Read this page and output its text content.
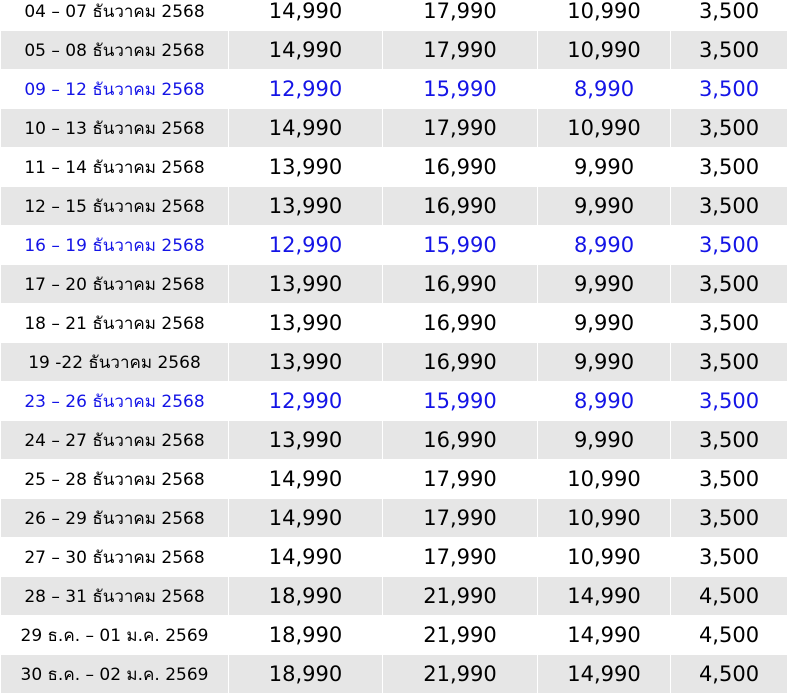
04 – 07 ธันวาคม 2568	14,990	17,990	10,990	3,500
05 – 08 ธันวาคม 2568	14,990	17,990	10,990	3,500
09 – 12 ธันวาคม 2568	12,990	15,990	8,990	3,500
10 – 13 ธันวาคม 2568	14,990	17,990	10,990	3,500
11 – 14 ธันวาคม 2568	13,990	16,990	9,990	3,500
12 – 15 ธันวาคม 2568	13,990	16,990	9,990	3,500
16 – 19 ธันวาคม 2568	12,990	15,990	8,990	3,500
17 – 20 ธันวาคม 2568	13,990	16,990	9,990	3,500
18 – 21 ธันวาคม 2568	13,990	16,990	9,990	3,500
19 -22 ธันวาคม 2568	13,990	16,990	9,990	3,500
23 – 26 ธันวาคม 2568	12,990	15,990	8,990	3,500
24 – 27 ธันวาคม 2568	13,990	16,990	9,990	3,500
25 – 28 ธันวาคม 2568	14,990	17,990	10,990	3,500
26 – 29 ธันวาคม 2568	14,990	17,990	10,990	3,500
27 – 30 ธันวาคม 2568	14,990	17,990	10,990	3,500
28 – 31 ธันวาคม 2568	18,990	21,990	14,990	4,500
29 ธ.ค. – 01 ม.ค. 2569	18,990	21,990	14,990	4,500
30 ธ.ค. – 02 ม.ค. 2569	18,990	21,990	14,990	4,500
